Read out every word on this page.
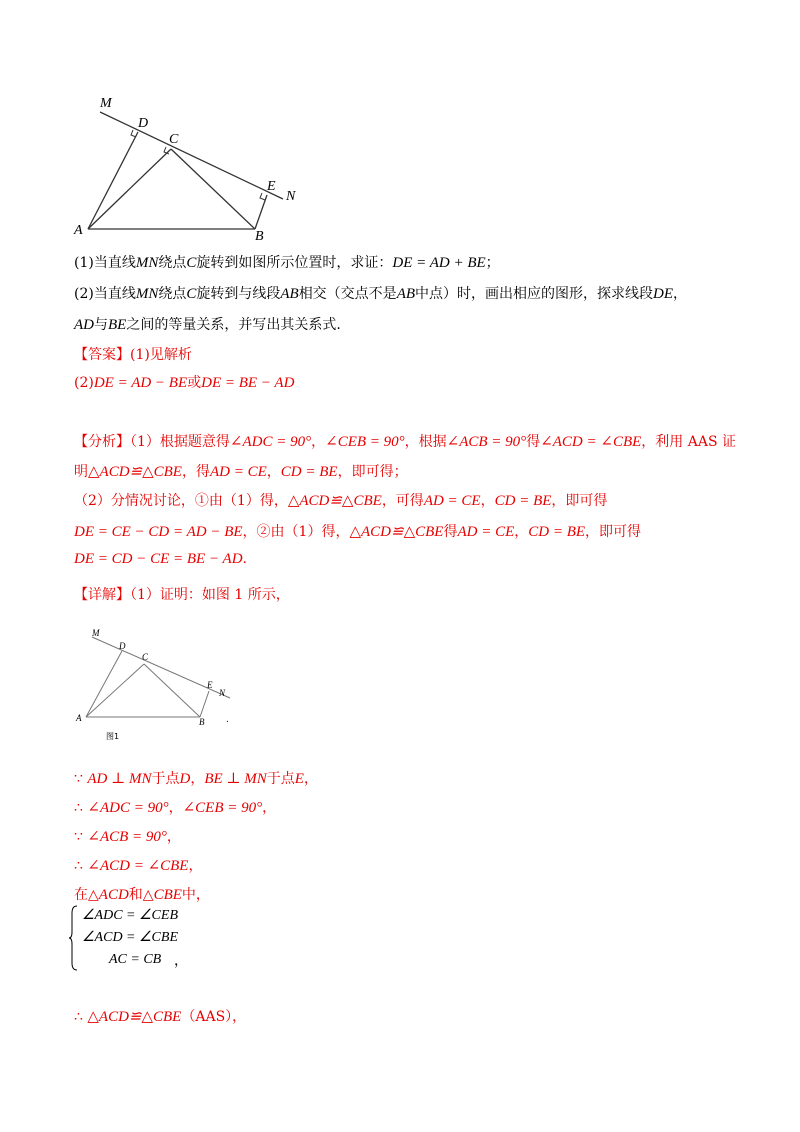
M
D
C
E
N
A	B
(1)当直线MN绕点C旋转到如图所示位置时，求证：DE = AD + BE；
(2)当直线MN绕点C旋转到与线段AB相交（交点不是AB中点）时，画出相应的图形，探求线段DE，
AD与BE之间的等量关系，并写出其关系式.
【答案】(1)见解析
(2)DE = AD − BE或DE = BE − AD
【分析】（1）根据题意得∠ADC = 90°，∠CEB = 90°，根据∠ACB = 90°得∠ACD = ∠CBE，利用 AAS 证
明△ACD≌△CBE，得AD = CE，CD = BE，即可得；
（2）分情况讨论，①由（1）得，△ACD≌△CBE，可得AD = CE，CD = BE，即可得
DE = CE − CD = AD − BE，②由（1）得，△ACD≌△CBE得AD = CE，CD = BE，即可得
DE = CD − CE = BE − AD.
【详解】（1）证明：如图 1 所示，
M
D
C
E
N
A	B
图1
.
∵ AD ⊥ MN于点D，BE ⊥ MN于点E，
∴ ∠ADC = 90°，∠CEB = 90°，
∵ ∠ACB = 90°，
∴ ∠ACD = ∠CBE，
在△ACD和△CBE中，
∠ADC = ∠CEB
∠ACD = ∠CBE
AC = CB ，
∴ △ACD≌△CBE（AAS），
